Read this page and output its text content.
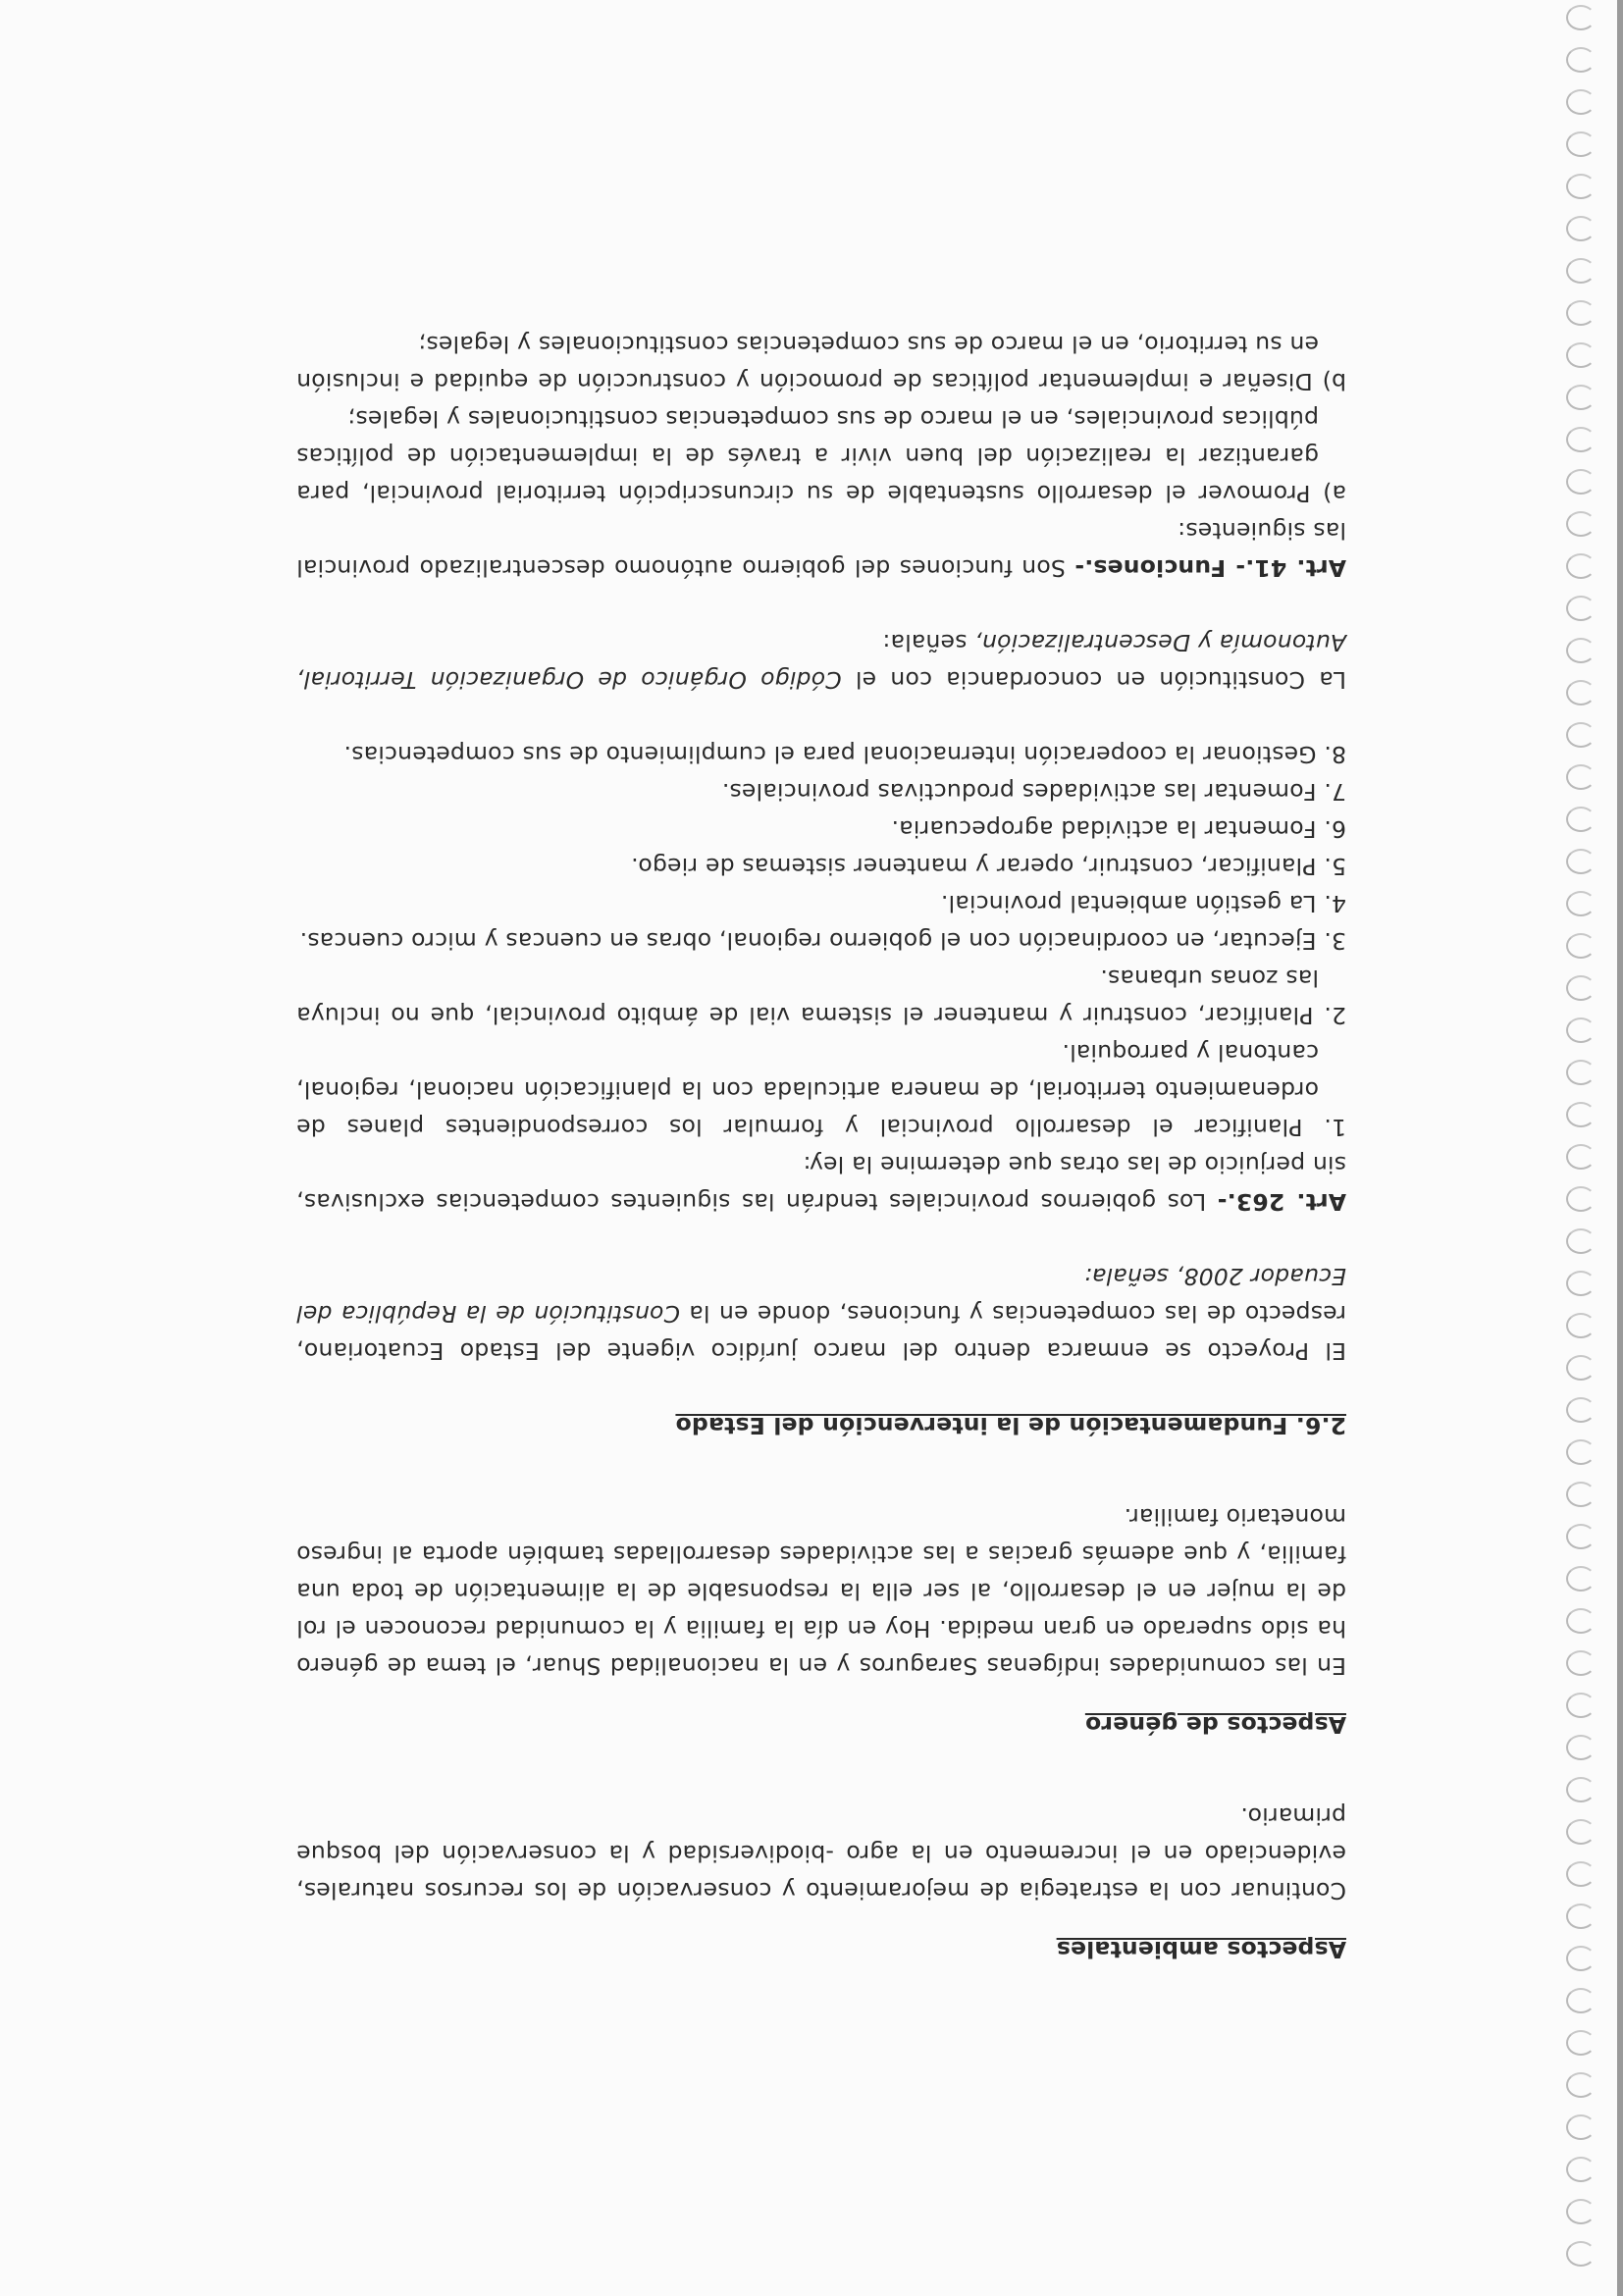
Aspectos ambientales

Continuar con la estrategia de mejoramiento y conservación de los recursos naturales, evidenciado en el incremento en la agro -biodiversidad y la conservación del bosque primario.

Aspectos de género

En las comunidades indígenas Saraguros y en la nacionalidad Shuar, el tema de género ha sido superado en gran medida. Hoy en día la familia y la comunidad reconocen el rol de la mujer en el desarrollo, al ser ella la responsable de la alimentación de toda una familia, y que además gracias a las actividades desarrolladas también aporta al ingreso monetario familiar.

2.6. Fundamentación de la intervención del Estado

El Proyecto se enmarca dentro del marco jurídico vigente del Estado Ecuatoriano, respecto de las competencias y funciones, donde en la Constitución de la República del Ecuador 2008, señala:

Art. 263.- Los gobiernos provinciales tendrán las siguientes competencias exclusivas, sin perjuicio de las otras que determine la ley:

1. Planificar el desarrollo provincial y formular los correspondientes planes de ordenamiento territorial, de manera articulada con la planificación nacional, regional, cantonal y parroquial.

2. Planificar, construir y mantener el sistema vial de ámbito provincial, que no incluya las zonas urbanas.

3. Ejecutar, en coordinación con el gobierno regional, obras en cuencas y micro cuencas.

4. La gestión ambiental provincial.

5. Planificar, construir, operar y mantener sistemas de riego.

6. Fomentar la actividad agropecuaria.

7. Fomentar las actividades productivas provinciales.

8. Gestionar la cooperación internacional para el cumplimiento de sus competencias.

La Constitución en concordancia con el Código Orgánico de Organización Territorial, Autonomía y Descentralización, señala:

Art. 41.- Funciones.- Son funciones del gobierno autónomo descentralizado provincial las siguientes:

a) Promover el desarrollo sustentable de su circunscripción territorial provincial, para garantizar la realización del buen vivir a través de la implementación de políticas públicas provinciales, en el marco de sus competencias constitucionales y legales;

b) Diseñar e implementar políticas de promoción y construcción de equidad e inclusión en su territorio, en el marco de sus competencias constitucionales y legales;
